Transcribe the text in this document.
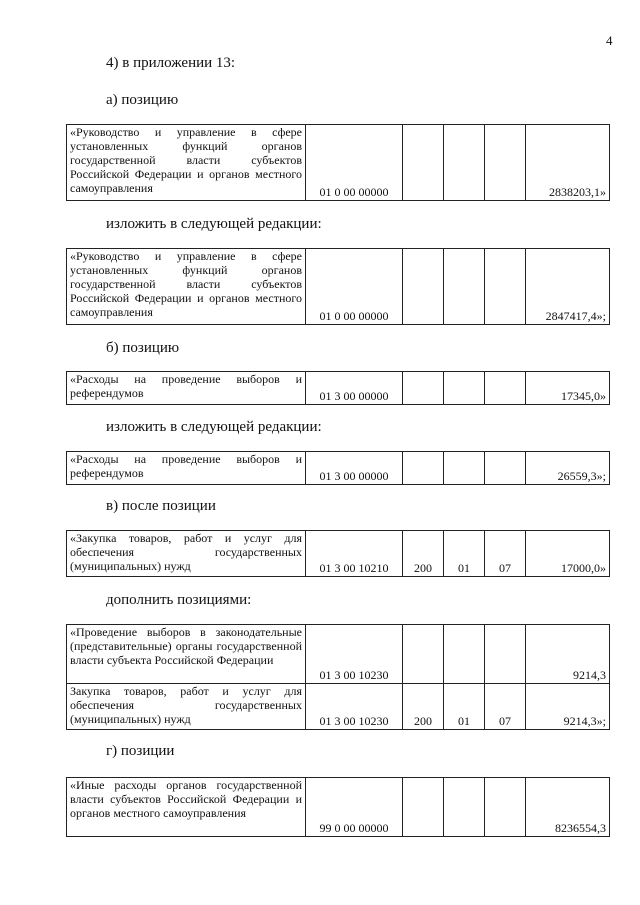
4
4) в приложении 13:
а) позицию
изложить в следующей редакции:
б) позицию
изложить в следующей редакции:
в) после позиции
дополнить позициями:
г) позиции
«Руководство и управление в сфере установленных функций органов государственной власти субъектов Российской Федерации и органов местного самоуправления	01 0 00 00000				2838203,1»
«Руководство и управление в сфере установленных функций органов государственной власти субъектов Российской Федерации и органов местного самоуправления	01 0 00 00000				2847417,4»;
«Расходы на проведение выборов и референдумов	01 3 00 00000				17345,0»
«Расходы на проведение выборов и референдумов	01 3 00 00000				26559,3»;
«Закупка товаров, работ и услуг для обеспечения государственных (муниципальных) нужд	01 3 00 10210	200	01	07	17000,0»
«Проведение выборов в законодательные (представительные) органы государственной власти субъекта Российской Федерации	01 3 00 10230				9214,3
Закупка товаров, работ и услуг для обеспечения государственных (муниципальных) нужд	01 3 00 10230	200	01	07	9214,3»;
«Иные расходы органов государственной власти субъектов Российской Федерации и органов местного самоуправления	99 0 00 00000				8236554,3
